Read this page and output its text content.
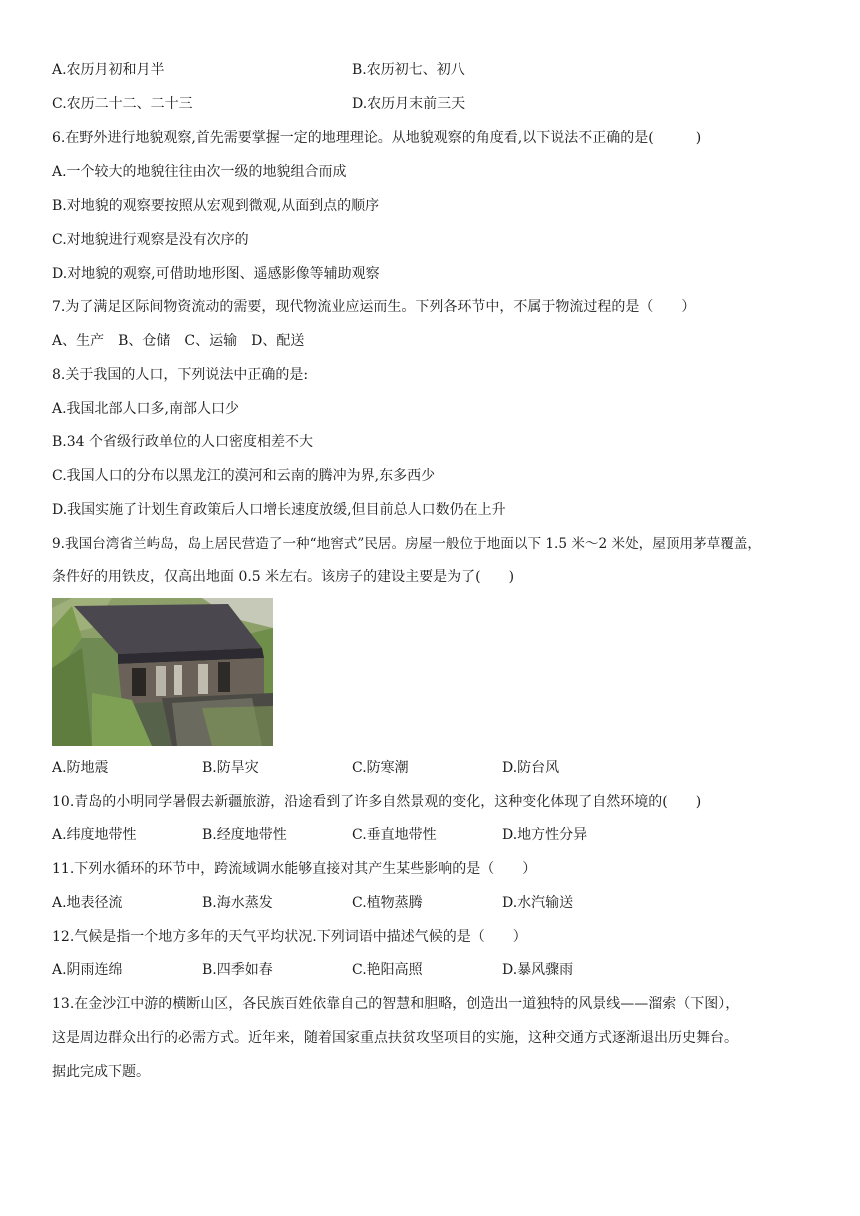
A.农历月初和月半	B.农历初七、初八
C.农历二十二、二十三	D.农历月末前三天
6.在野外进行地貌观察,首先需要掌握一定的地理理论。从地貌观察的角度看,以下说法不正确的是(　　　)
A.一个较大的地貌往往由次一级的地貌组合而成
B.对地貌的观察要按照从宏观到微观,从面到点的顺序
C.对地貌进行观察是没有次序的
D.对地貌的观察,可借助地形图、遥感影像等辅助观察
7.为了满足区际间物资流动的需要，现代物流业应运而生。下列各环节中，不属于物流过程的是（　　）
A、生产　B、仓储　C、运输　D、配送
8.关于我国的人口，下列说法中正确的是:
A.我国北部人口多,南部人口少
B.34 个省级行政单位的人口密度相差不大
C.我国人口的分布以黑龙江的漠河和云南的腾冲为界,东多西少
D.我国实施了计划生育政策后人口增长速度放缓,但目前总人口数仍在上升
9.我国台湾省兰屿岛，岛上居民营造了一种“地窖式”民居。房屋一般位于地面以下 1.5 米～2 米处，屋顶用茅草覆盖，
条件好的用铁皮，仅高出地面 0.5 米左右。该房子的建设主要是为了(　　)
A.防地震	B.防旱灾	C.防寒潮	D.防台风
10.青岛的小明同学暑假去新疆旅游，沿途看到了许多自然景观的变化，这种变化体现了自然环境的(　　)
A.纬度地带性	B.经度地带性	C.垂直地带性	D.地方性分异
11.下列水循环的环节中，跨流域调水能够直接对其产生某些影响的是（　　）
A.地表径流	B.海水蒸发	C.植物蒸腾	D.水汽输送
12.气候是指一个地方多年的天气平均状况.下列词语中描述气候的是（　　）
A.阴雨连绵	B.四季如春	C.艳阳高照	D.暴风骤雨
13.在金沙江中游的横断山区，各民族百姓依靠自己的智慧和胆略，创造出一道独特的风景线——溜索（下图），
这是周边群众出行的必需方式。近年来，随着国家重点扶贫攻坚项目的实施，这种交通方式逐渐退出历史舞台。
据此完成下题。
